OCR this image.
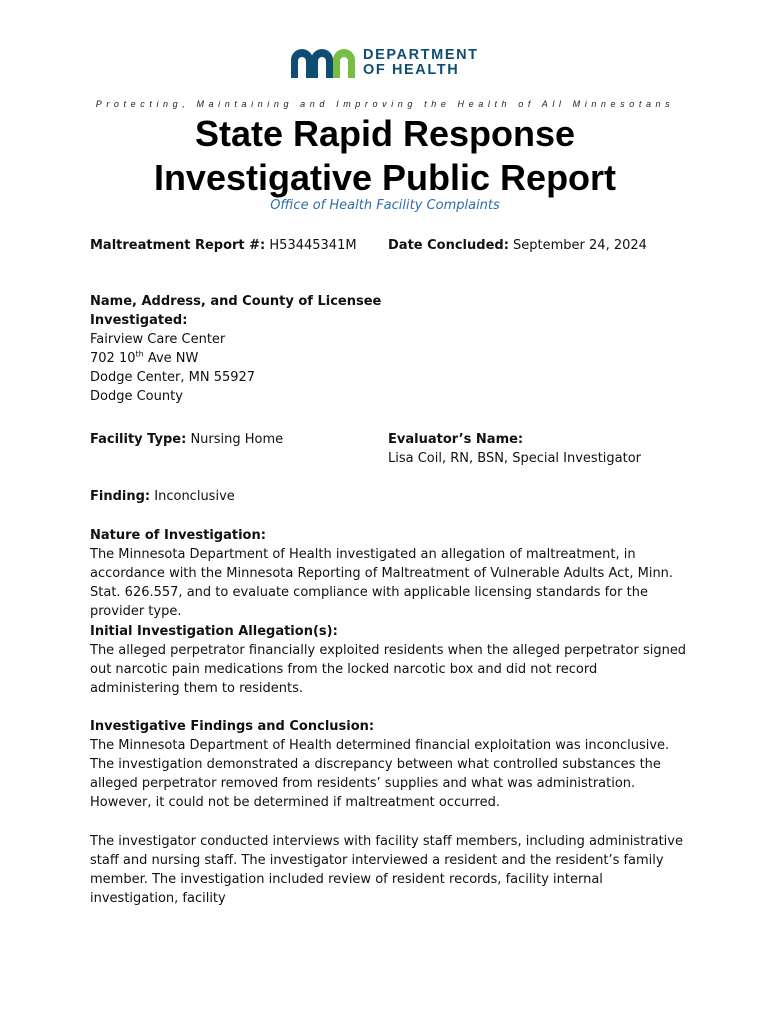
DEPARTMENT
OF HEALTH
Protecting, Maintaining and Improving the Health of All Minnesotans
State Rapid Response
Investigative Public Report
Office of Health Facility Complaints
Maltreatment Report #: H53445341M Date Concluded: September 24, 2024
Name, Address, and County of Licensee
Investigated:
Fairview Care Center
702 10th Ave NW
Dodge Center, MN 55927
Dodge County
Facility Type: Nursing Home	Evaluator’s Name:
Lisa Coil, RN, BSN, Special Investigator
Finding: Inconclusive
Nature of Investigation:
The Minnesota Department of Health investigated an allegation of maltreatment, in accordance with the Minnesota Reporting of Maltreatment of Vulnerable Adults Act, Minn. Stat. 626.557, and to evaluate compliance with applicable licensing standards for the provider type.
Initial Investigation Allegation(s):
The alleged perpetrator financially exploited residents when the alleged perpetrator signed out narcotic pain medications from the locked narcotic box and did not record administering them to residents.
Investigative Findings and Conclusion:
The Minnesota Department of Health determined financial exploitation was inconclusive. The investigation demonstrated a discrepancy between what controlled substances the alleged perpetrator removed from residents’ supplies and what was administration. However, it could not be determined if maltreatment occurred.
The investigator conducted interviews with facility staff members, including administrative staff and nursing staff. The investigator interviewed a resident and the resident’s family member. The investigation included review of resident records, facility internal investigation, facility
